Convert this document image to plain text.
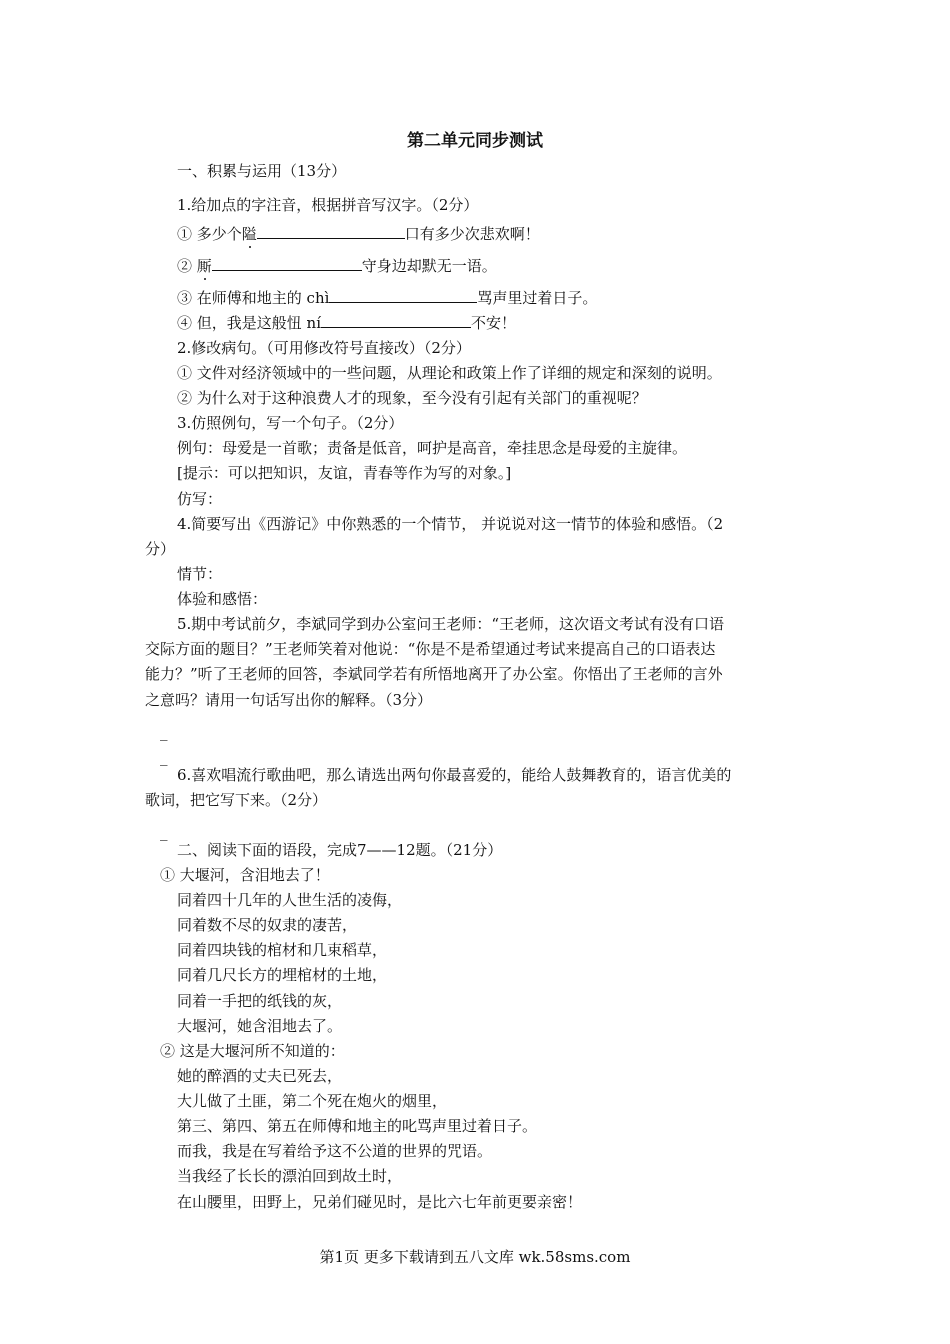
第二单元同步测试
一、积累与运用（13分）
1.给加点的字注音，根据拼音写汉字。（2分）
① 多少个隘	口有多少次悲欢啊！
② 厮	守身边却默无一语。
③ 在师傅和地主的 chì	骂声里过着日子。
④ 但，我是这般忸 ní	不安！
2.修改病句。（可用修改符号直接改）（2分）
① 文件对经济领域中的一些问题，从理论和政策上作了详细的规定和深刻的说明。
② 为什么对于这种浪费人才的现象，至今没有引起有关部门的重视呢？
3.仿照例句，写一个句子。（2分）
例句：母爱是一首歌；责备是低音，呵护是高音，牵挂思念是母爱的主旋律。
[提示：可以把知识，友谊，青春等作为写的对象。]
仿写：
4.简要写出《西游记》中你熟悉的一个情节， 并说说对这一情节的体验和感悟。（2
分）
情节：
体验和感悟：
5.期中考试前夕，李斌同学到办公室问王老师：“王老师，这次语文考试有没有口语
交际方面的题目？”王老师笑着对他说：“你是不是希望通过考试来提高自己的口语表达
能力？”听了王老师的回答，李斌同学若有所悟地离开了办公室。你悟出了王老师的言外
之意吗？请用一句话写出你的解释。（3分）
_
_
6.喜欢唱流行歌曲吧，那么请选出两句你最喜爱的，能给人鼓舞教育的，语言优美的
歌词，把它写下来。（2分）
_
二、阅读下面的语段，完成7——12题。（21分）
① 大堰河，含泪地去了！
同着四十几年的人世生活的凌侮，
同着数不尽的奴隶的凄苦，
同着四块钱的棺材和几束稻草，
同着几尺长方的埋棺材的土地，
同着一手把的纸钱的灰，
大堰河，她含泪地去了。
② 这是大堰河所不知道的：
她的醉酒的丈夫已死去，
大儿做了土匪，第二个死在炮火的烟里，
第三、第四、第五在师傅和地主的叱骂声里过着日子。
而我，我是在写着给予这不公道的世界的咒语。
当我经了长长的漂泊回到故土时，
在山腰里，田野上，兄弟们碰见时，是比六七年前更要亲密！
第1页 更多下载请到五八文库 wk.58sms.com
